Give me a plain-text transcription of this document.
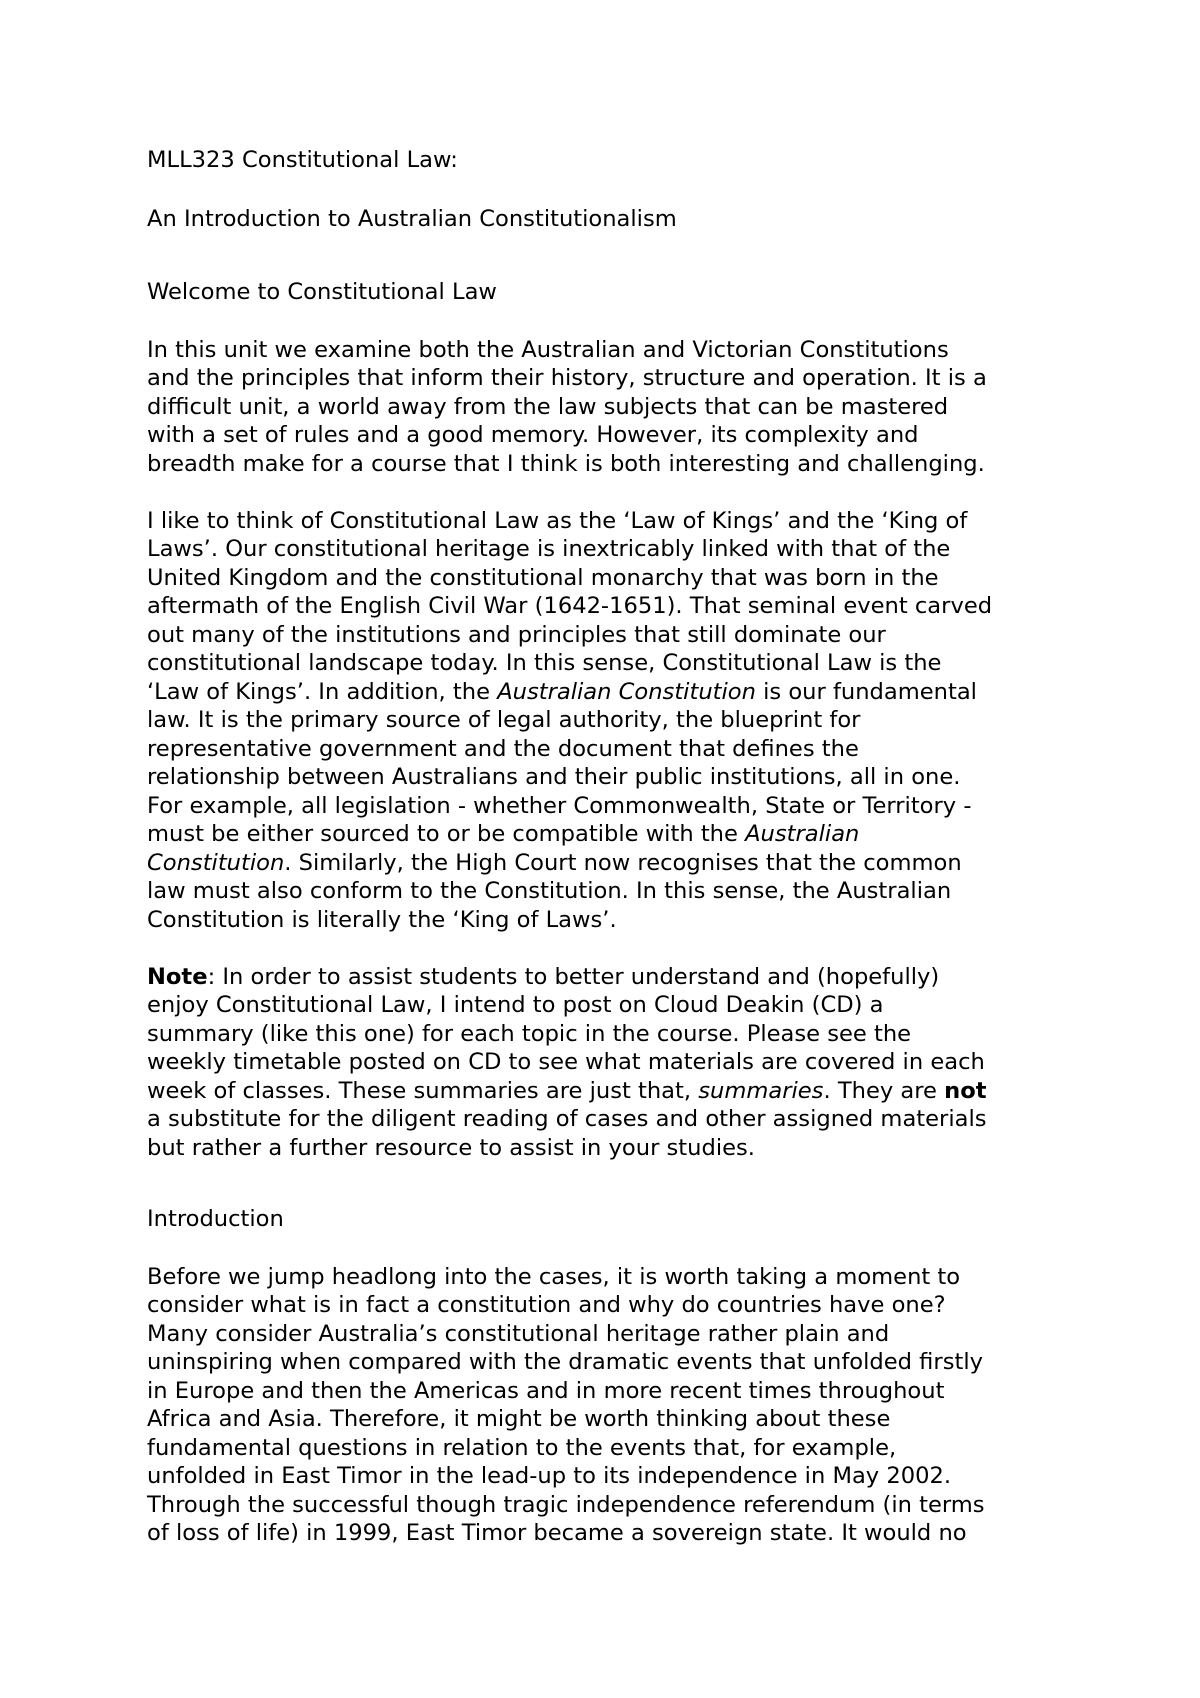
MLL323 Constitutional Law:

An Introduction to Australian Constitutionalism

Welcome to Constitutional Law

In this unit we examine both the Australian and Victorian Constitutions
and the principles that inform their history, structure and operation. It is a
difficult unit, a world away from the law subjects that can be mastered
with a set of rules and a good memory. However, its complexity and
breadth make for a course that I think is both interesting and challenging.

I like to think of Constitutional Law as the ‘Law of Kings’ and the ‘King of
Laws’. Our constitutional heritage is inextricably linked with that of the
United Kingdom and the constitutional monarchy that was born in the
aftermath of the English Civil War (1642-1651). That seminal event carved
out many of the institutions and principles that still dominate our
constitutional landscape today. In this sense, Constitutional Law is the
‘Law of Kings’. In addition, the Australian Constitution is our fundamental
law. It is the primary source of legal authority, the blueprint for
representative government and the document that defines the
relationship between Australians and their public institutions, all in one.
For example, all legislation - whether Commonwealth, State or Territory -
must be either sourced to or be compatible with the Australian
Constitution. Similarly, the High Court now recognises that the common
law must also conform to the Constitution. In this sense, the Australian
Constitution is literally the ‘King of Laws’.

Note: In order to assist students to better understand and (hopefully)
enjoy Constitutional Law, I intend to post on Cloud Deakin (CD) a
summary (like this one) for each topic in the course. Please see the
weekly timetable posted on CD to see what materials are covered in each
week of classes. These summaries are just that, summaries. They are not
a substitute for the diligent reading of cases and other assigned materials
but rather a further resource to assist in your studies.

Introduction

Before we jump headlong into the cases, it is worth taking a moment to
consider what is in fact a constitution and why do countries have one?
Many consider Australia’s constitutional heritage rather plain and
uninspiring when compared with the dramatic events that unfolded firstly
in Europe and then the Americas and in more recent times throughout
Africa and Asia. Therefore, it might be worth thinking about these
fundamental questions in relation to the events that, for example,
unfolded in East Timor in the lead-up to its independence in May 2002.
Through the successful though tragic independence referendum (in terms
of loss of life) in 1999, East Timor became a sovereign state. It would no
